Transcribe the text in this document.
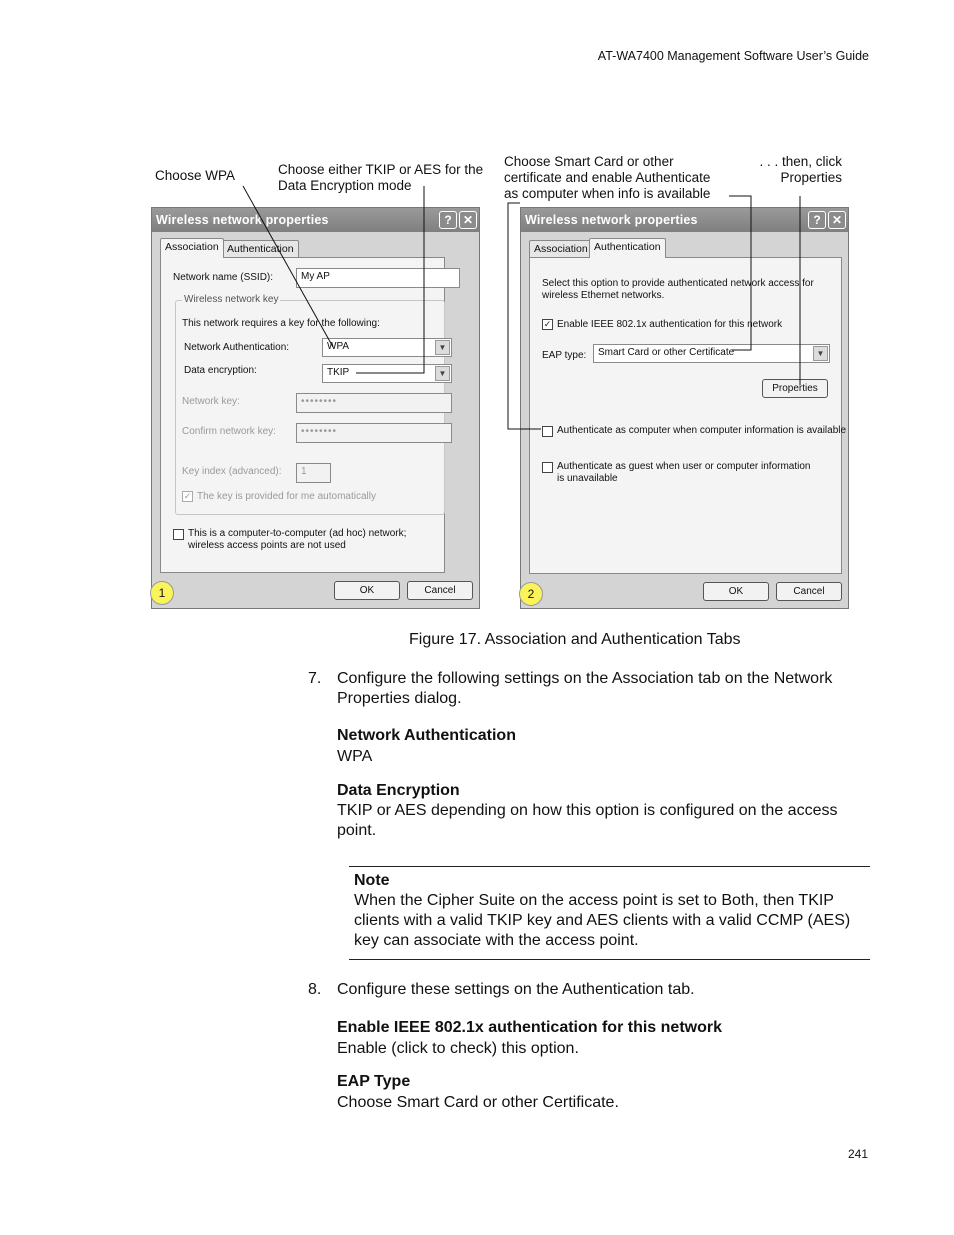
AT-WA7400 Management Software User’s Guide
Choose WPA	Choose either TKIP or AES for the Data Encryption mode
Choose Smart Card or other certificate and enable Authenticate as computer when info is available
. . . then, click Properties
Wireless network properties	? ✕
Association Authentication
Network name (SSID):	My AP
Wireless network key
This network requires a key for the following:
Network Authentication:	WPA	▼
Data encryption:	TKIP	▼
Network key:	••••••••
Confirm network key:	••••••••
Key index (advanced):	1
✓ The key is provided for me automatically
This is a computer-to-computer (ad hoc) network; wireless access points are not used
OK	Cancel
1
Wireless network properties	? ✕
Association Authentication
Select this option to provide authenticated network access for wireless Ethernet networks.
✓ Enable IEEE 802.1x authentication for this network
EAP type:	Smart Card or other Certificate	▼
Properties
Authenticate as computer when computer information is available
Authenticate as guest when user or computer information is unavailable
OK	Cancel
2
Figure 17. Association and Authentication Tabs
7. Configure the following settings on the Association tab on the Network Properties dialog.
Network Authentication
WPA
Data Encryption
TKIP or AES depending on how this option is configured on the access point.
Note
When the Cipher Suite on the access point is set to Both, then TKIP clients with a valid TKIP key and AES clients with a valid CCMP (AES) key can associate with the access point.
8. Configure these settings on the Authentication tab.
Enable IEEE 802.1x authentication for this network
Enable (click to check) this option.
EAP Type
Choose Smart Card or other Certificate.
241
